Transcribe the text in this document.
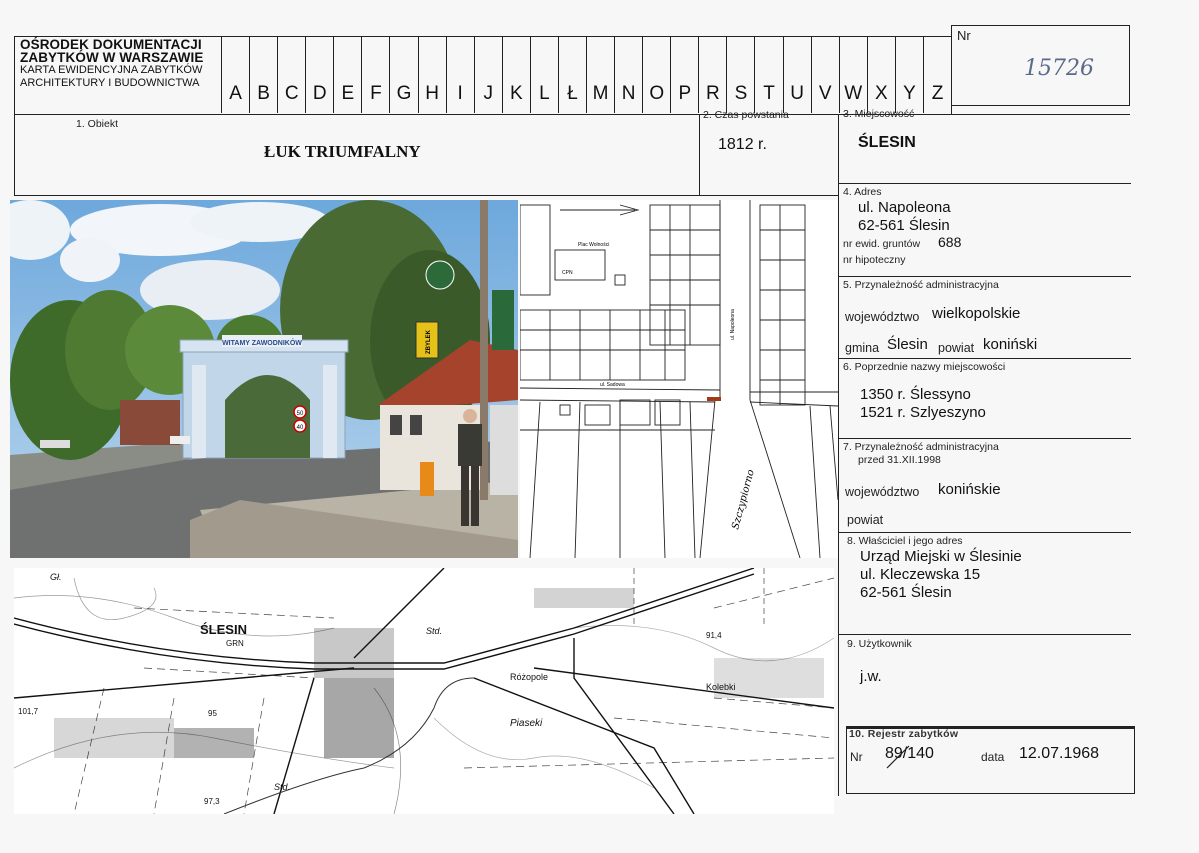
OŚRODEK DOKUMENTACJI
ZABYTKÓW W WARSZAWIE
KARTA EWIDENCYJNA ZABYTKÓW
ARCHITEKTURY I BUDOWNICTWA	A B C D E F G H I	J K L Ł M N O P R S T U V W X Y Z
Nr
15726
1. Obiekt
ŁUK TRIUMFALNY
2. Czas powstania
1812 r.
3. Miejscowość
ŚLESIN
4. Adres
ul. Napoleona
62-561 Ślesin
nr ewid. gruntów 688
nr hipoteczny
5. Przynależność administracyjna
województwo wielkopolskie
gmina Ślesin powiat koniński
6. Poprzednie nazwy miejscowości
1350 r. Ślessyno
1521 r. Szlyeszyno
7. Przynależność administracyjna
przed 31.XII.1998
województwo konińskie
powiat
8. Właściciel i jego adres
Urząd Miejski w Ślesinie
ul. Kleczewska 15
62-561 Ślesin
9. Użytkownik
j.w.
10. Rejestr zabytków
Nr 89/140	data 12.07.1968
WITAMY ZAWODNIKÓW
50
40
ZBYLEK
Plac Wolności
CPN
ul. Sadowa
ul. Napoleona
Szczypiorno
ŚLESIN
GRN
Różopole
Kolebki
Piaseki
101,7
97,3
91,4
95
Std.
Std.
Gł.
